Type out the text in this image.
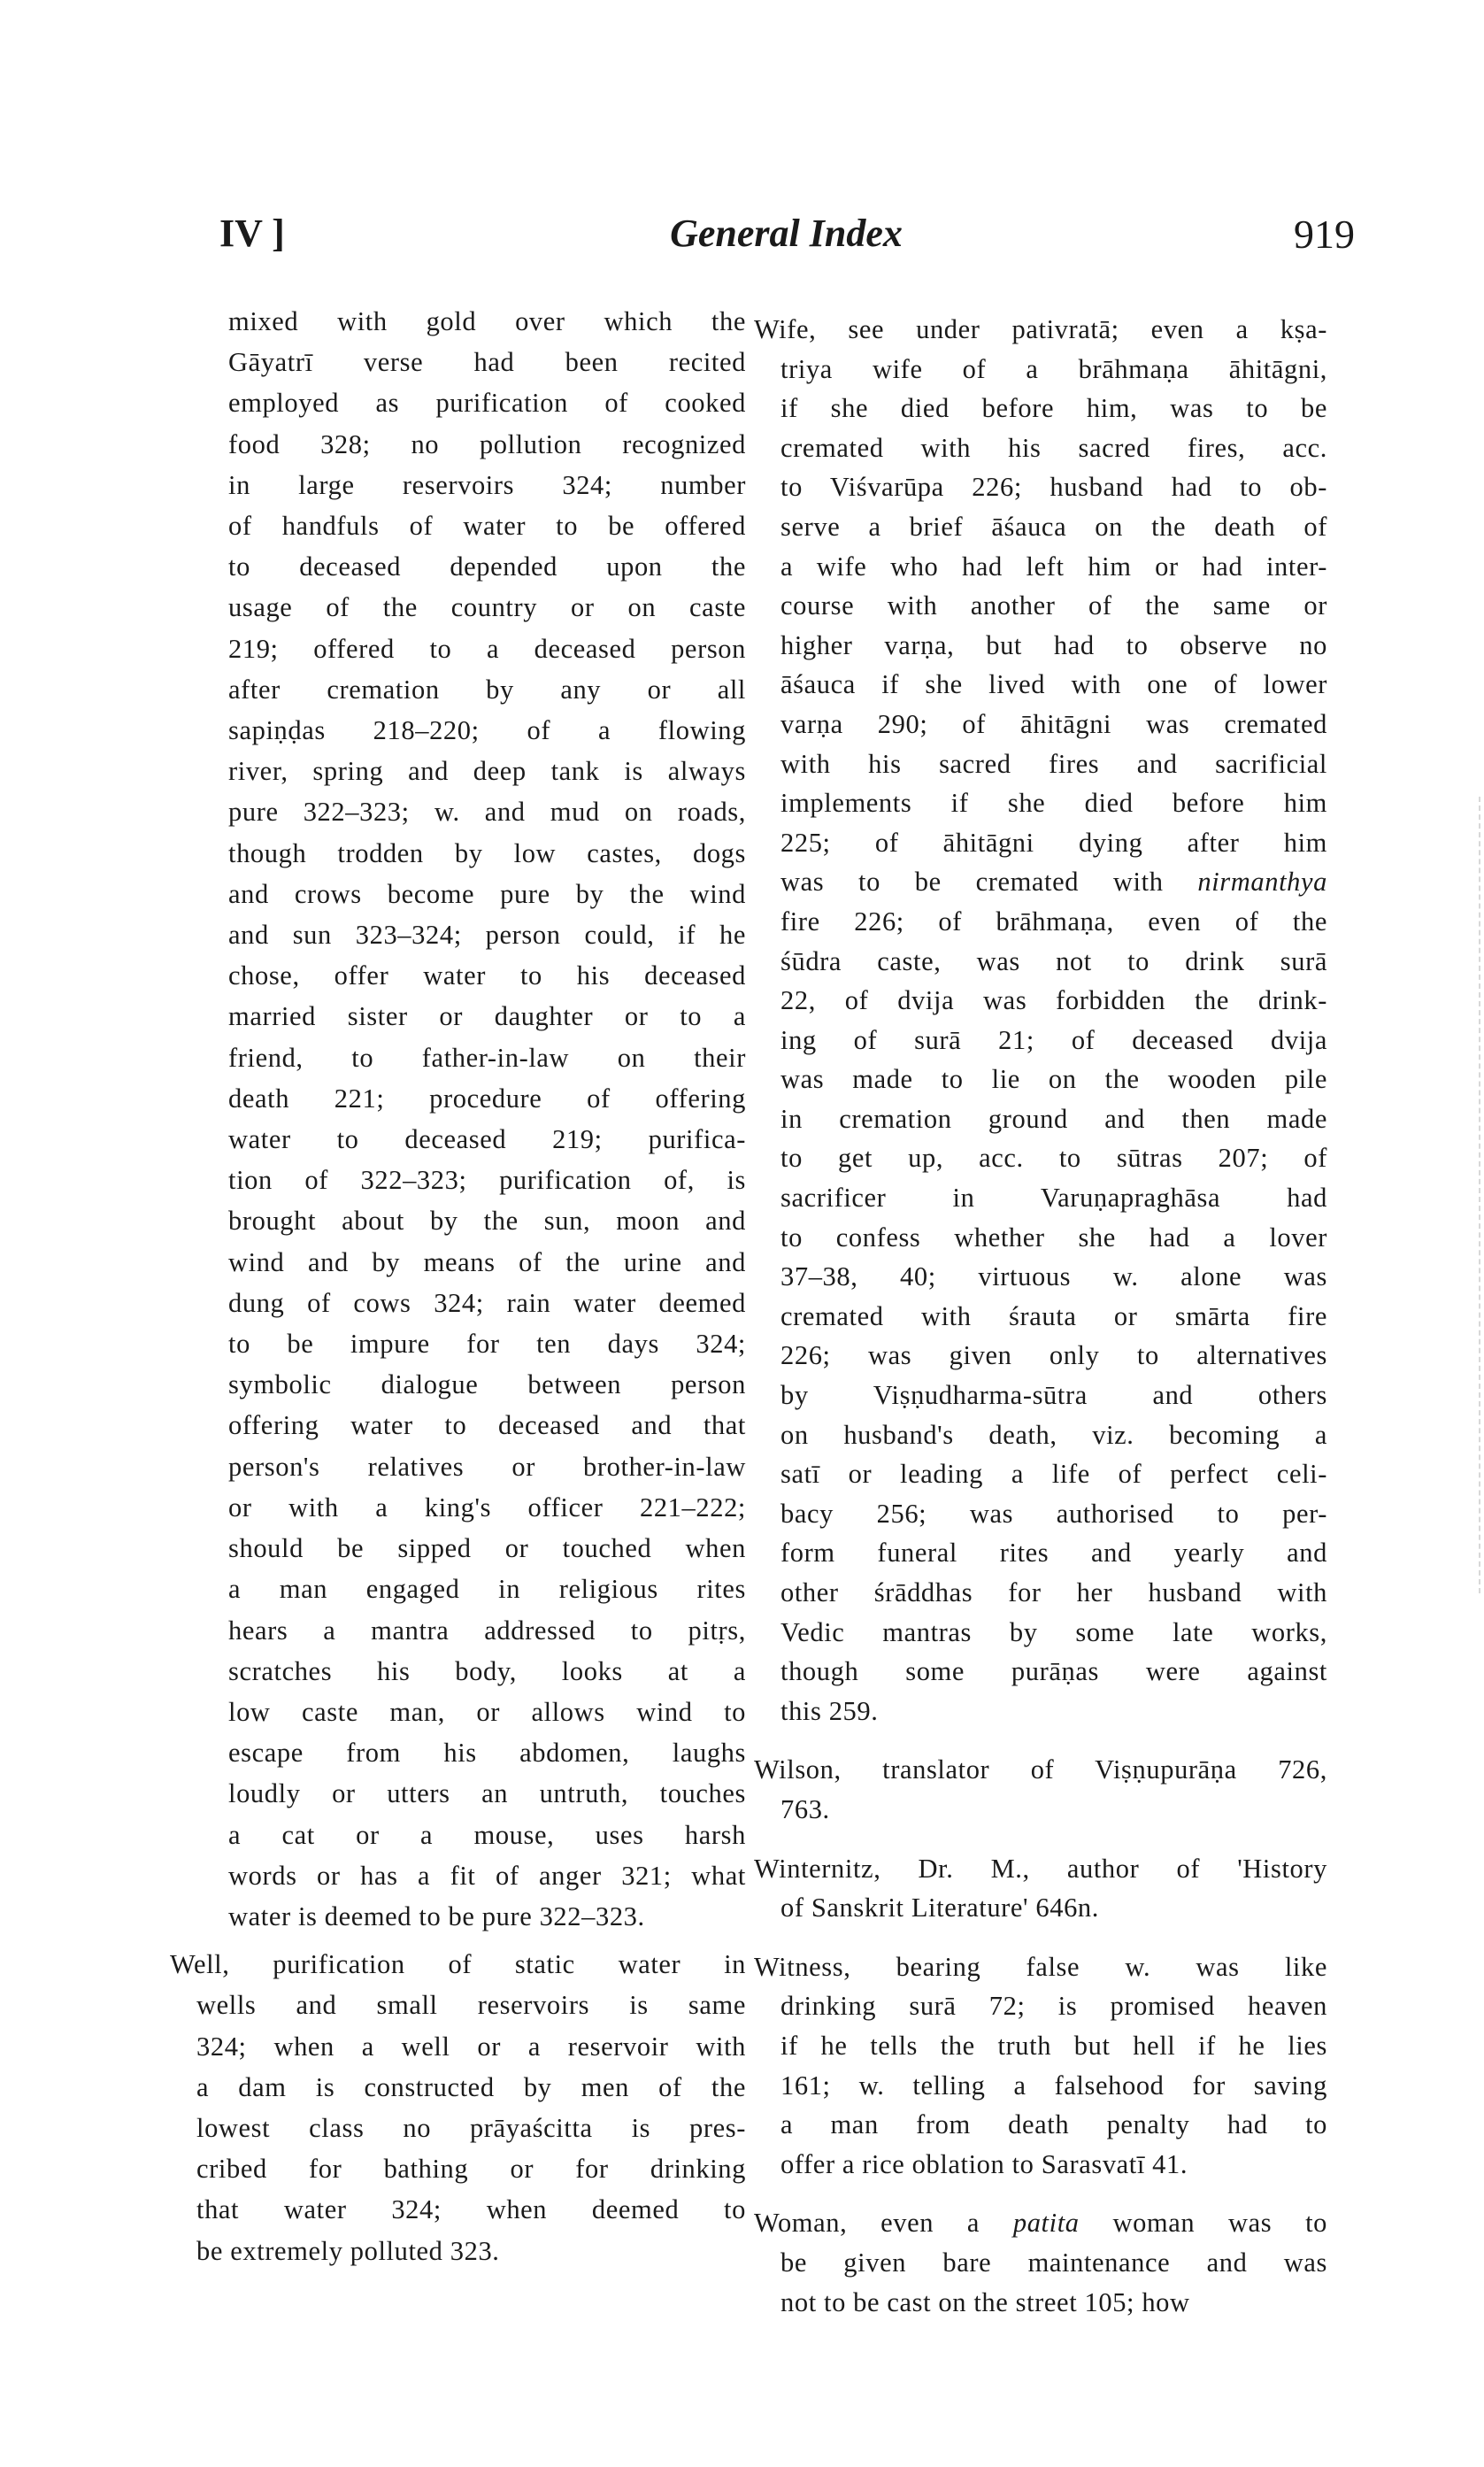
IV ]	General Index	919
mixed with gold over which the
Gāyatrī verse had been recited
employed as purification of cooked
food 328; no pollution recognized
in large reservoirs 324; number
of handfuls of water to be offered
to deceased depended upon the
usage of the country or on caste
219; offered to a deceased person
after cremation by any or all
sapiṇḍas 218–220; of a flowing
river, spring and deep tank is always
pure 322–323; w. and mud on roads,
though trodden by low castes, dogs
and crows become pure by the wind
and sun 323–324; person could, if he
chose, offer water to his deceased
married sister or daughter or to a
friend, to father-in-law on their
death 221; procedure of offering
water to deceased 219; purifica-
tion of 322–323; purification of, is
brought about by the sun, moon and
wind and by means of the urine and
dung of cows 324; rain water deemed
to be impure for ten days 324;
symbolic dialogue between person
offering water to deceased and that
person's relatives or brother-in-law
or with a king's officer 221–222;
should be sipped or touched when
a man engaged in religious rites
hears a mantra addressed to pitṛs,
scratches his body, looks at a
low caste man, or allows wind to
escape from his abdomen, laughs
loudly or utters an untruth, touches
a cat or a mouse, uses harsh
words or has a fit of anger 321; what
water is deemed to be pure 322–323.
Well, purification of static water in
wells and small reservoirs is same
324; when a well or a reservoir with
a dam is constructed by men of the
lowest class no prāyaścitta is pres-
cribed for bathing or for drinking
that water 324; when deemed to
be extremely polluted 323.
Wife, see under pativratā; even a kṣa-
triya wife of a brāhmaṇa āhitāgni,
if she died before him, was to be
cremated with his sacred fires, acc.
to Viśvarūpa 226; husband had to ob-
serve a brief āśauca on the death of
a wife who had left him or had inter-
course with another of the same or
higher varṇa, but had to observe no
āśauca if she lived with one of lower
varṇa 290; of āhitāgni was cremated
with his sacred fires and sacrificial
implements if she died before him
225; of āhitāgni dying after him
was to be cremated with nirmanthya
fire 226; of brāhmaṇa, even of the
śūdra caste, was not to drink surā
22, of dvija was forbidden the drink-
ing of surā 21; of deceased dvija
was made to lie on the wooden pile
in cremation ground and then made
to get up, acc. to sūtras 207; of
sacrificer in Varuṇapraghāsa had
to confess whether she had a lover
37–38, 40; virtuous w. alone was
cremated with śrauta or smārta fire
226; was given only to alternatives
by Viṣṇudharma-sūtra and others
on husband's death, viz. becoming a
satī or leading a life of perfect celi-
bacy 256; was authorised to per-
form funeral rites and yearly and
other śrāddhas for her husband with
Vedic mantras by some late works,
though some purāṇas were against
this 259.
Wilson, translator of Viṣṇupurāṇa 726,
763.
Winternitz, Dr. M., author of 'History
of Sanskrit Literature' 646n.
Witness, bearing false w. was like
drinking surā 72; is promised heaven
if he tells the truth but hell if he lies
161; w. telling a falsehood for saving
a man from death penalty had to
offer a rice oblation to Sarasvatī 41.
Woman, even a patita woman was to
be given bare maintenance and was
not to be cast on the street 105; how
